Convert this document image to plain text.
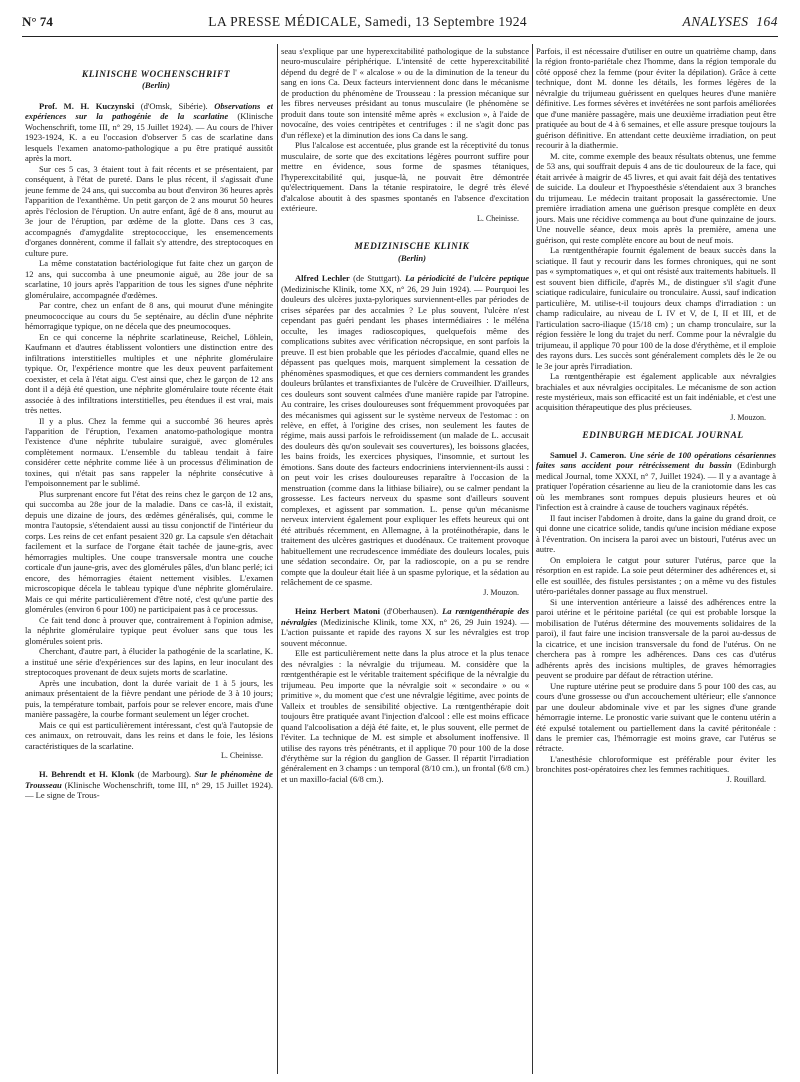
N° 74	LA PRESSE MÉDICALE, Samedi, 13 Septembre 1924	ANALYSES 164

KLINISCHE WOCHENSCHRIFT

(Berlin)

Prof. M. H. Kuczynski (d'Omsk, Sibérie). Observations et expériences sur la pathogénie de la scarlatine (Klinische Wochenschrift, tome III, n° 29, 15 Juillet 1924). — Au cours de l'hiver 1923-1924, K. a eu l'occasion d'observer 5 cas de scarlatine dans lesquels l'examen anatomo-pathologique a pu être pratiqué aussitôt après la mort.

Sur ces 5 cas, 3 étaient tout à fait récents et se présentaient, par conséquent, à l'état de pureté. Dans le plus récent, il s'agissait d'une jeune femme de 24 ans, qui succomba au bout d'environ 36 heures après l'apparition de l'exanthème. Un petit garçon de 2 ans mourut 50 heures après l'éclosion de l'éruption. Un autre enfant, âgé de 8 ans, mourut au 3e jour de l'éruption, par œdème de la glotte. Dans ces 3 cas, accompagnés d'amygdalite streptococcique, les ensemencements d'organes donnèrent, comme il fallait s'y attendre, des streptocoques en culture pure.

La même constatation bactériologique fut faite chez un garçon de 12 ans, qui succomba à une pneumonie aiguë, au 28e jour de sa scarlatine, 10 jours après l'apparition de tous les signes d'une néphrite glomérulaire, accompagnée d'œdèmes.

Par contre, chez un enfant de 8 ans, qui mourut d'une méningite pneumococcique au cours du 5e septénaire, au déclin d'une néphrite hémorragique typique, on ne décela que des pneumocoques.

En ce qui concerne la néphrite scarlatineuse, Reichel, Löhlein, Kaufmann et d'autres établissent volontiers une distinction entre des infiltrations interstitielles multiples et une néphrite glomérulaire typique. Or, l'expérience montre que les deux peuvent parfaitement coexister, et cela à l'état aigu. C'est ainsi que, chez le garçon de 12 ans dont il a déjà été question, une néphrite glomérulaire toute récente était associée à des infiltrations interstitielles, peu étendues il est vrai, mais très nettes.

Il y a plus. Chez la femme qui a succombé 36 heures après l'apparition de l'éruption, l'examen anatomo-pathologique montra l'existence d'une néphrite tubulaire suraiguë, avec glomérules complètement normaux. L'ensemble du tableau tendait à faire considérer cette néphrite comme liée à un processus d'élimination de toxines, qui n'était pas sans rappeler la néphrite consécutive à l'empoisonnement par le sublimé.

Plus surprenant encore fut l'état des reins chez le garçon de 12 ans, qui succomba au 28e jour de la maladie. Dans ce cas-là, il existait, depuis une dizaine de jours, des œdèmes généralisés, qui, comme le montra l'autopsie, s'étendaient aussi au tissu conjonctif de l'intérieur du corps. Les reins de cet enfant pesaient 320 gr. La capsule s'en détachait facilement et la surface de l'organe était tachée de jaune-gris, avec hémorragies multiples. Une coupe transversale montra une couche corticale d'un jaune-gris, avec des glomérules pâles, d'un blanc perlé; ici encore, des hémorragies étaient nettement visibles. L'examen microscopique décela le tableau typique d'une néphrite glomérulaire. Mais ce qui mérite particulièrement d'être noté, c'est qu'une partie des glomérules (environ 6 pour 100) ne participaient pas à ce processus.

Ce fait tend donc à prouver que, contrairement à l'opinion admise, la néphrite glomérulaire typique peut évoluer sans que tous les glomérules soient pris.

Cherchant, d'autre part, à élucider la pathogénie de la scarlatine, K. a institué une série d'expériences sur des lapins, en leur inoculant des streptocoques provenant de deux sujets morts de scarlatine.

Après une incubation, dont la durée variait de 1 à 5 jours, les animaux présentaient de la fièvre pendant une période de 3 à 10 jours; puis, la température tombait, parfois pour se relever encore, mais d'une manière passagère, la courbe formant seulement un léger crochet.

Mais ce qui est particulièrement intéressant, c'est qu'à l'autopsie de ces animaux, on retrouvait, dans les reins et dans le foie, les lésions caractéristiques de la scarlatine.

L. Cheinisse.

H. Behrendt et H. Klonk (de Marbourg). Sur le phénomène de Trousseau (Klinische Wochenschrift, tome III, n° 29, 15 Juillet 1924). — Le signe de Trous-

seau s'explique par une hyperexcitabilité pathologique de la substance neuro-musculaire périphérique. L'intensité de cette hyperexcitabilité dépend du degré de l' « alcalose » ou de la diminution de la teneur du sang en ions Ca. Deux facteurs interviennent donc dans le mécanisme de production du phénomène de Trousseau : la pression mécanique sur les fibres nerveuses présidant au tonus musculaire (le phénomène se produit dans toute son intensité même après « exclusion », à l'aide de novocaïne, des voies centripètes et centrifuges : il ne s'agit donc pas d'un réflexe) et la diminution des ions Ca dans le sang.

Plus l'alcalose est accentuée, plus grande est la réceptivité du tonus musculaire, de sorte que des excitations légères pourront suffire pour mettre en évidence, sous forme de spasmes tétaniques, l'hyperexcitabilité qui, jusque-là, ne pouvait être démontrée qu'électriquement. Dans la tétanie respiratoire, le degré très élevé d'alcalose aboutit à des spasmes spontanés en l'absence d'excitation extérieure.

L. Cheinisse.

MEDIZINISCHE KLINIK

(Berlin)

Alfred Lechler (de Stuttgart). La périodicité de l'ulcère peptique (Medizinische Klinik, tome XX, n° 26, 29 Juin 1924). — Pourquoi les douleurs des ulcères juxta-pyloriques surviennent-elles par périodes de crises séparées par des accalmies ? Le plus souvent, l'ulcère n'est cependant pas guéri pendant les phases intermédiaires : le méléna occulte, les images radioscopiques, quelquefois même des complications subites avec vérification nécropsique, en sont parfois la preuve. Il est bien probable que les périodes d'accalmie, quand elles ne dépassent pas quelques mois, marquent simplement la cessation de phénomènes spasmodiques, et que ces derniers commandent les grandes douleurs brûlantes et transfixiantes de l'ulcère de Cruveilhier. D'ailleurs, ces douleurs sont souvent calmées d'une manière rapide par l'atropine. Au contraire, les crises douloureuses sont fréquemment provoquées par des mécanismes qui agissent sur le système nerveux de l'estomac : on relève, en effet, à l'origine des crises, non seulement les fautes de régime, mais aussi parfois le refroidissement (un malade de L. accusait des douleurs dès qu'on soulevait ses couvertures), les boissons glacées, les bains froids, les exercices physiques, l'insomnie, et surtout les émotions. Sans doute des facteurs endocriniens interviennent-ils aussi : on peut voir les crises douloureuses reparaître à l'occasion de la menstruation (comme dans la lithiase biliaire), ou se calmer pendant la grossesse. Les facteurs nerveux du spasme sont d'ailleurs souvent complexes, et agissent par sommation. L. pense qu'un mécanisme nerveux intervient également pour expliquer les effets heureux qui ont été attribués récemment, en Allemagne, à la protéinothérapie, dans le traitement des ulcères gastriques et duodénaux. Ce traitement provoque habituellement une recrudescence immédiate des douleurs locales, puis une sédation secondaire. Or, par la radioscopie, on a pu se rendre compte que la douleur était liée à un spasme pylorique, et la sédation au relâchement de ce spasme.

J. Mouzon.

Heinz Herbert Matoni (d'Oberhausen). La rœntgenthérapie des névralgies (Medizinische Klinik, tome XX, n° 26, 29 Juin 1924). — L'action puissante et rapide des rayons X sur les névralgies est trop souvent méconnue.

Elle est particulièrement nette dans la plus atroce et la plus tenace des névralgies : la névralgie du trijumeau. M. considère que la rœntgenthérapie est le véritable traitement spécifique de la névralgie du trijumeau. Peu importe que la névralgie soit « secondaire » ou « primitive », du moment que c'est une névralgie légitime, avec points de Valleix et troubles de sensibilité objective. La rœntgenthérapie doit toujours être pratiquée avant l'injection d'alcool : elle est moins efficace quand l'alcoolisation a déjà été faite, et, le plus souvent, elle permet de l'éviter. La technique de M. est simple et absolument inoffensive. Il utilise des rayons très pénétrants, et il applique 70 pour 100 de la dose d'érythème sur la région du ganglion de Gasser. Il répartit l'irradiation généralement en 3 champs : un temporal (8/10 cm.), un frontal (6/8 cm.) et un maxillo-facial (6/8 cm.).

Parfois, il est nécessaire d'utiliser en outre un quatrième champ, dans la région fronto-pariétale chez l'homme, dans la région temporale du côté opposé chez la femme (pour éviter la dépilation). Grâce à cette technique, dont M. donne les détails, les formes légères de la névralgie du trijumeau guérissent en quelques heures d'une manière définitive. Les formes sévères et invétérées ne sont parfois améliorées que d'une manière passagère, mais une deuxième irradiation peut être pratiquée au bout de 4 à 6 semaines, et elle assure presque toujours la guérison définitive. En attendant cette deuxième irradiation, on peut recourir à la diathermie.

M. cite, comme exemple des beaux résultats obtenus, une femme de 53 ans, qui souffrait depuis 4 ans de tic douloureux de la face, qui était arrivée à maigrir de 45 livres, et qui avait fait déjà des tentatives de suicide. La douleur et l'hypoesthésie s'étendaient aux 3 branches du trijumeau. Le médecin traitant proposait la gassérectomie. Une première irradiation amena une guérison presque complète en deux jours. Mais une récidive commença au bout d'une quinzaine de jours. Une nouvelle séance, deux mois après la première, amena une guérison, qui reste complète encore au bout de neuf mois.

La rœntgenthérapie fournit également de beaux succès dans la sciatique. Il faut y recourir dans les formes chroniques, qui ne sont pas « symptomatiques », et qui ont résisté aux traitements habituels. Il est souvent bien difficile, d'après M., de distinguer s'il s'agit d'une sciatique radiculaire, funiculaire ou tronculaire. Aussi, sauf indication particulière, M. utilise-t-il toujours deux champs d'irradiation : un champ radiculaire, au niveau de L IV et V, de I, II et III, et de l'articulation sacro-iliaque (15/18 cm) ; un champ tronculaire, sur la région fessière le long du trajet du nerf. Comme pour la névralgie du trijumeau, il applique 70 pour 100 de la dose d'érythème, et il emploie des rayons durs. Les succès sont généralement complets dès le 2e ou le 3e jour après l'irradiation.

La rœntgenthérapie est également applicable aux névralgies brachiales et aux névralgies occipitales. Le mécanisme de son action reste mystérieux, mais son efficacité est un fait indéniable, et c'est une acquisition thérapeutique des plus précieuses.

J. Mouzon.

EDINBURGH MEDICAL JOURNAL

Samuel J. Cameron. Une série de 100 opérations césariennes faites sans accident pour rétrécissement du bassin (Edinburgh medical Journal, tome XXXI, n° 7, Juillet 1924). — Il y a avantage à pratiquer l'opération césarienne au lieu de la craniotomie dans les cas où les membranes sont rompues depuis plusieurs heures et où l'infection est à craindre à cause de touchers vaginaux répétés.

Il faut inciser l'abdomen à droite, dans la gaine du grand droit, ce qui donne une cicatrice solide, tandis qu'une incision médiane expose à l'éventration. On incisera la paroi avec un bistouri, l'utérus avec un autre.

On emploiera le catgut pour suturer l'utérus, parce que la résorption en est rapide. La soie peut déterminer des adhérences et, si elle est souillée, des fistules persistantes ; on a même vu des fistules utéro-pariétales donner passage au flux menstruel.

Si une intervention antérieure a laissé des adhérences entre la paroi utérine et le péritoine pariétal (ce qui est probable lorsque la mobilisation de l'utérus détermine des mouvements solidaires de la paroi), il faut faire une incision transversale de la paroi au-dessus de la cicatrice, et une incision transversale du fond de l'utérus. On ne cherchera pas à rompre les adhérences. Dans ces cas d'utérus adhérents après des incisions multiples, de graves hémorragies peuvent se produire par défaut de rétraction utérine.

Une rupture utérine peut se produire dans 5 pour 100 des cas, au cours d'une grossesse ou d'un accouchement ultérieur; elle s'annonce par une douleur abdominale vive et par les signes d'une grande hémorragie interne. Le pronostic varie suivant que le contenu utérin a été expulsé totalement ou partiellement dans la cavité péritonéale : dans le premier cas, l'hémorragie est moins grave, car l'utérus se rétracte.

L'anesthésie chloroformique est préférable pour éviter les bronchites post-opératoires chez les femmes rachitiques.

J. Rouillard.
